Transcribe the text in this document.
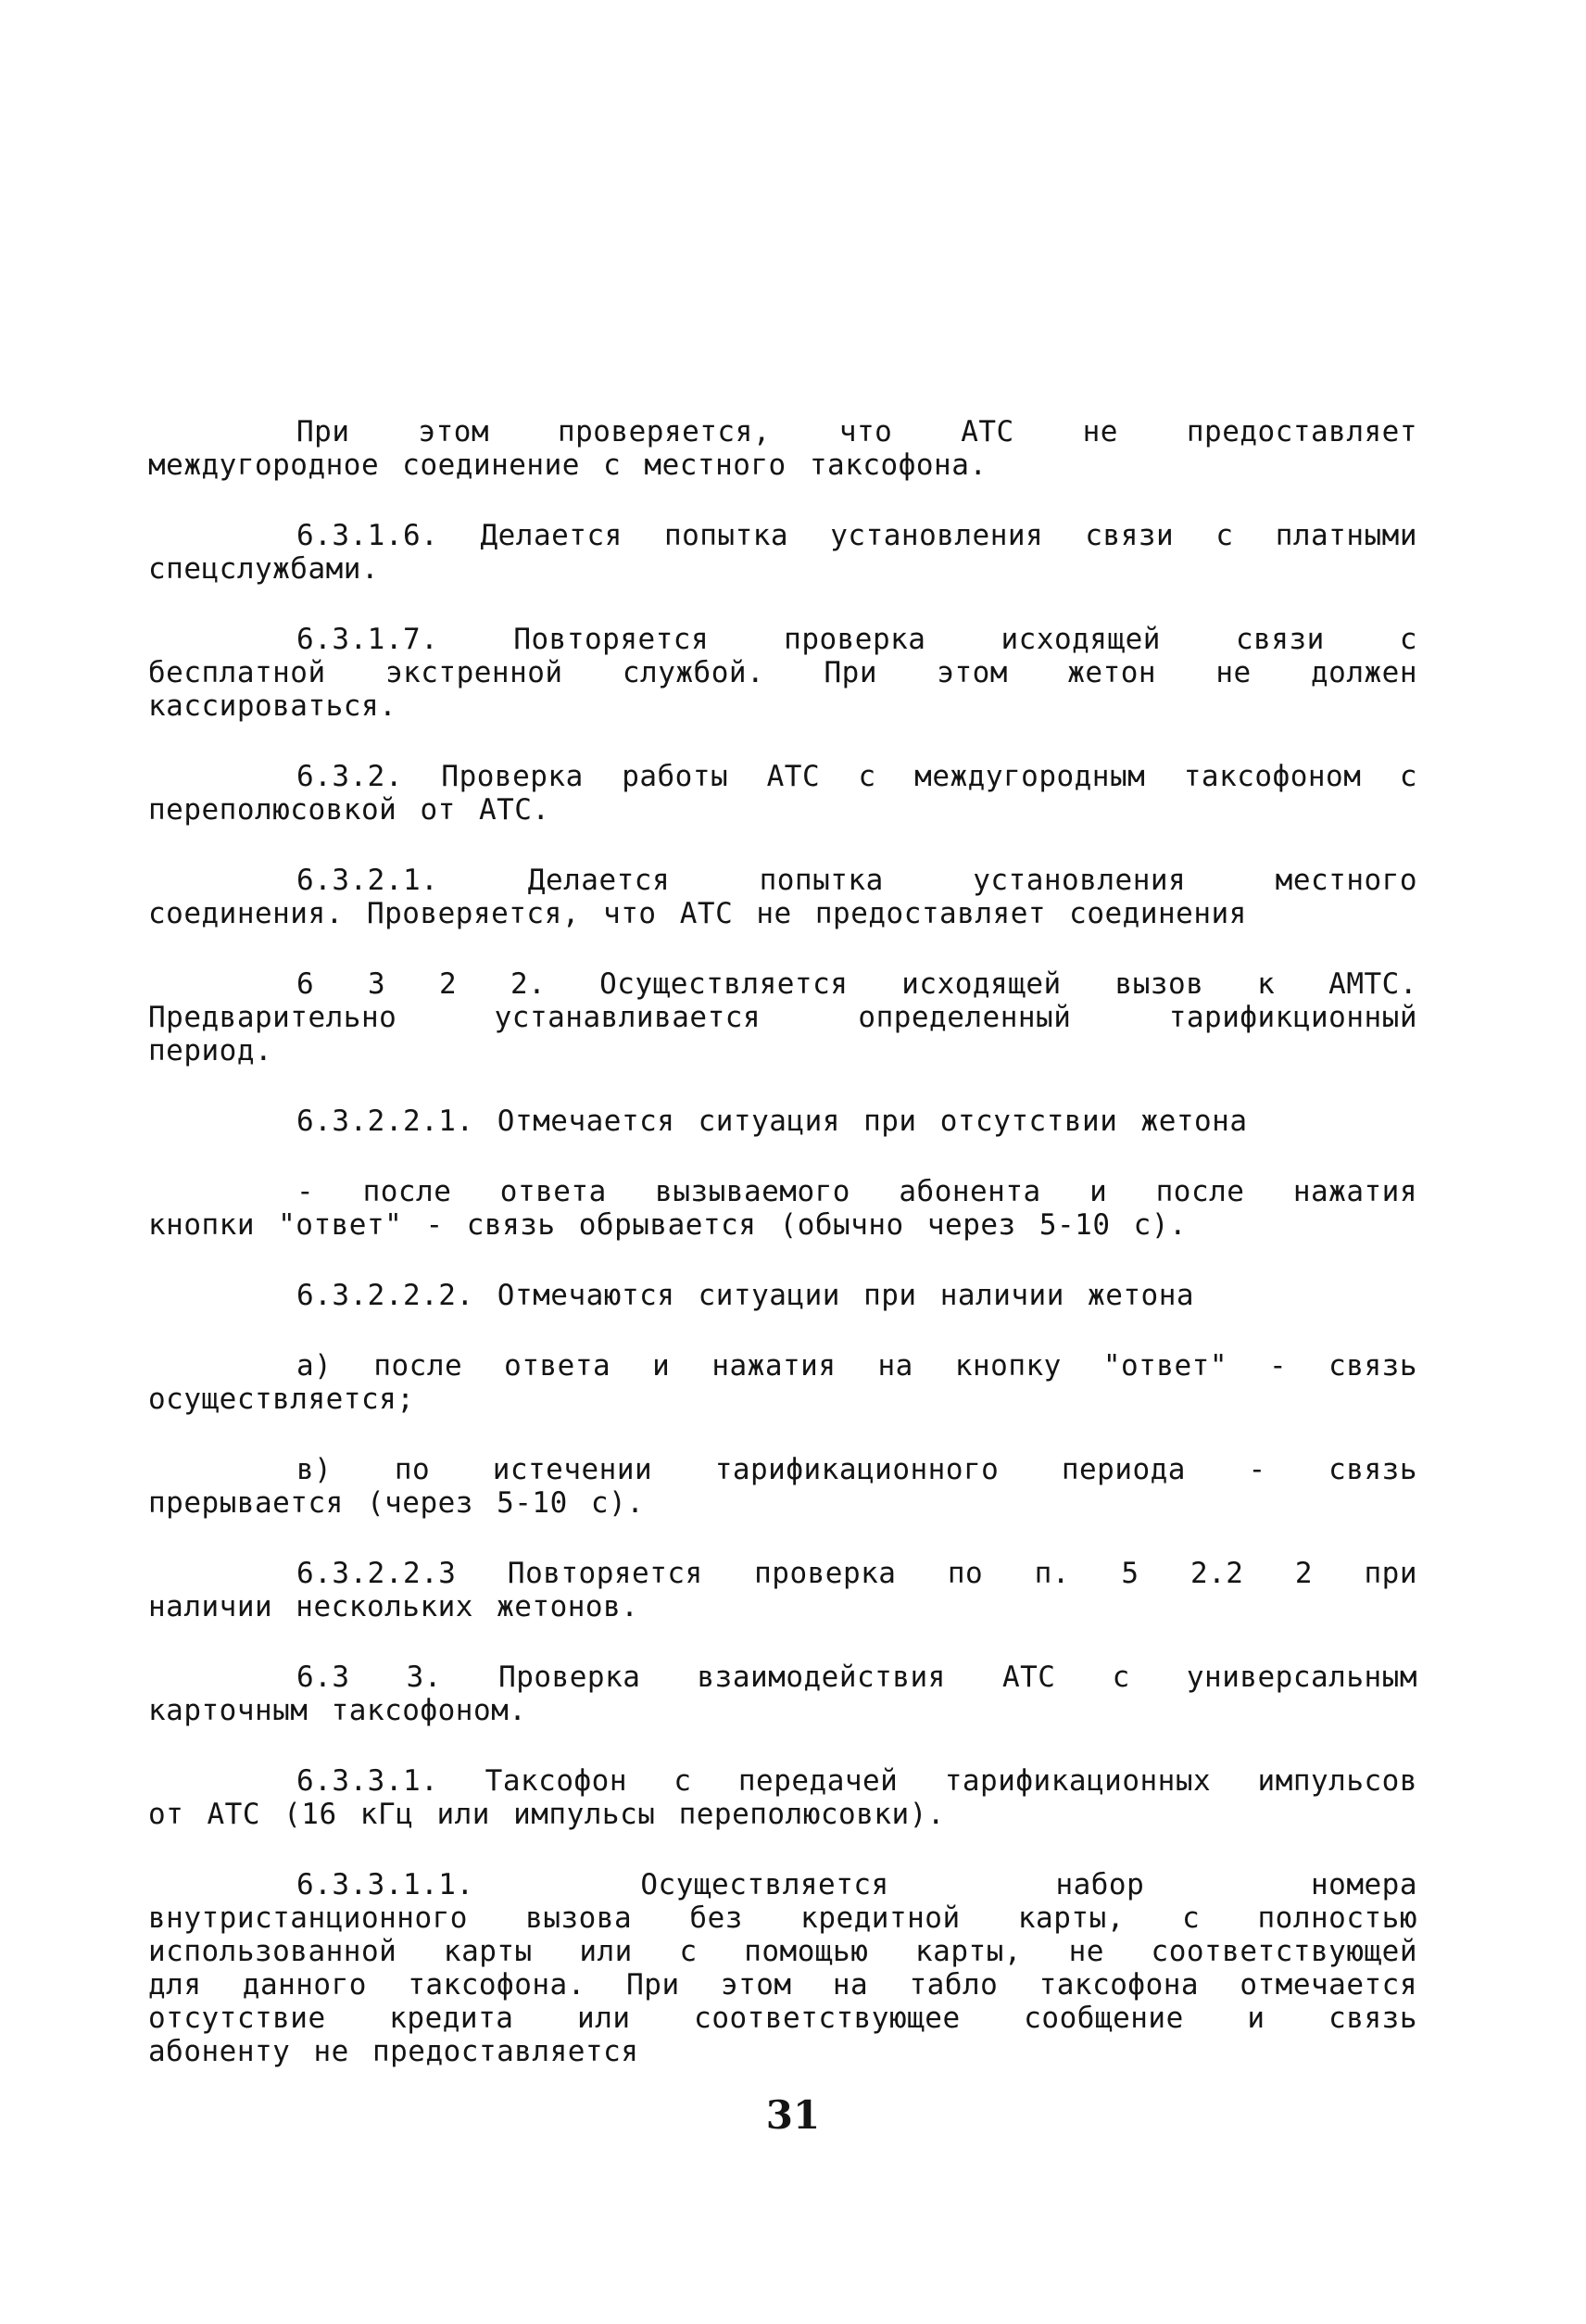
При этом проверяется, что АТС не предоставляет
междугородное соединение с местного таксофона.
6.3.1.6. Делается попытка установления связи с платными
спецслужбами.
6.3.1.7. Повторяется проверка исходящей связи с
бесплатной экстренной службой. При этом жетон не должен
кассироваться.
6.3.2. Проверка работы АТС с междугородным таксофоном с
переполюсовкой от АТС.
6.3.2.1. Делается попытка установления местного
соединения. Проверяется, что АТС не предоставляет соединения
6 3 2 2. Осуществляется исходящей вызов к АМТС.
Предварительно устанавливается определенный тарификционный
период.
6.3.2.2.1. Отмечается ситуация при отсутствии жетона
- после ответа вызываемого абонента и после нажатия
кнопки "ответ" - связь обрывается (обычно через 5-10 с).
6.3.2.2.2. Отмечаются ситуации при наличии жетона
а) после ответа и нажатия на кнопку "ответ" - связь
осуществляется;
в) по истечении тарификационного периода - связь
прерывается (через 5-10 с).
6.3.2.2.3 Повторяется проверка по п. 5 2.2 2 при
наличии нескольких жетонов.
6.3 3. Проверка взаимодействия АТС с универсальным
карточным таксофоном.
6.3.3.1. Таксофон с передачей тарификационных импульсов
от АТС (16 кГц или импульсы переполюсовки).
6.3.3.1.1. Осуществляется набор номера
внутристанционного вызова без кредитной карты, с полностью
использованной карты или с помощью карты, не соответствующей
для данного таксофона. При этом на табло таксофона отмечается
отсутствие кредита или соответствующее сообщение и связь
абоненту не предоставляется
31
